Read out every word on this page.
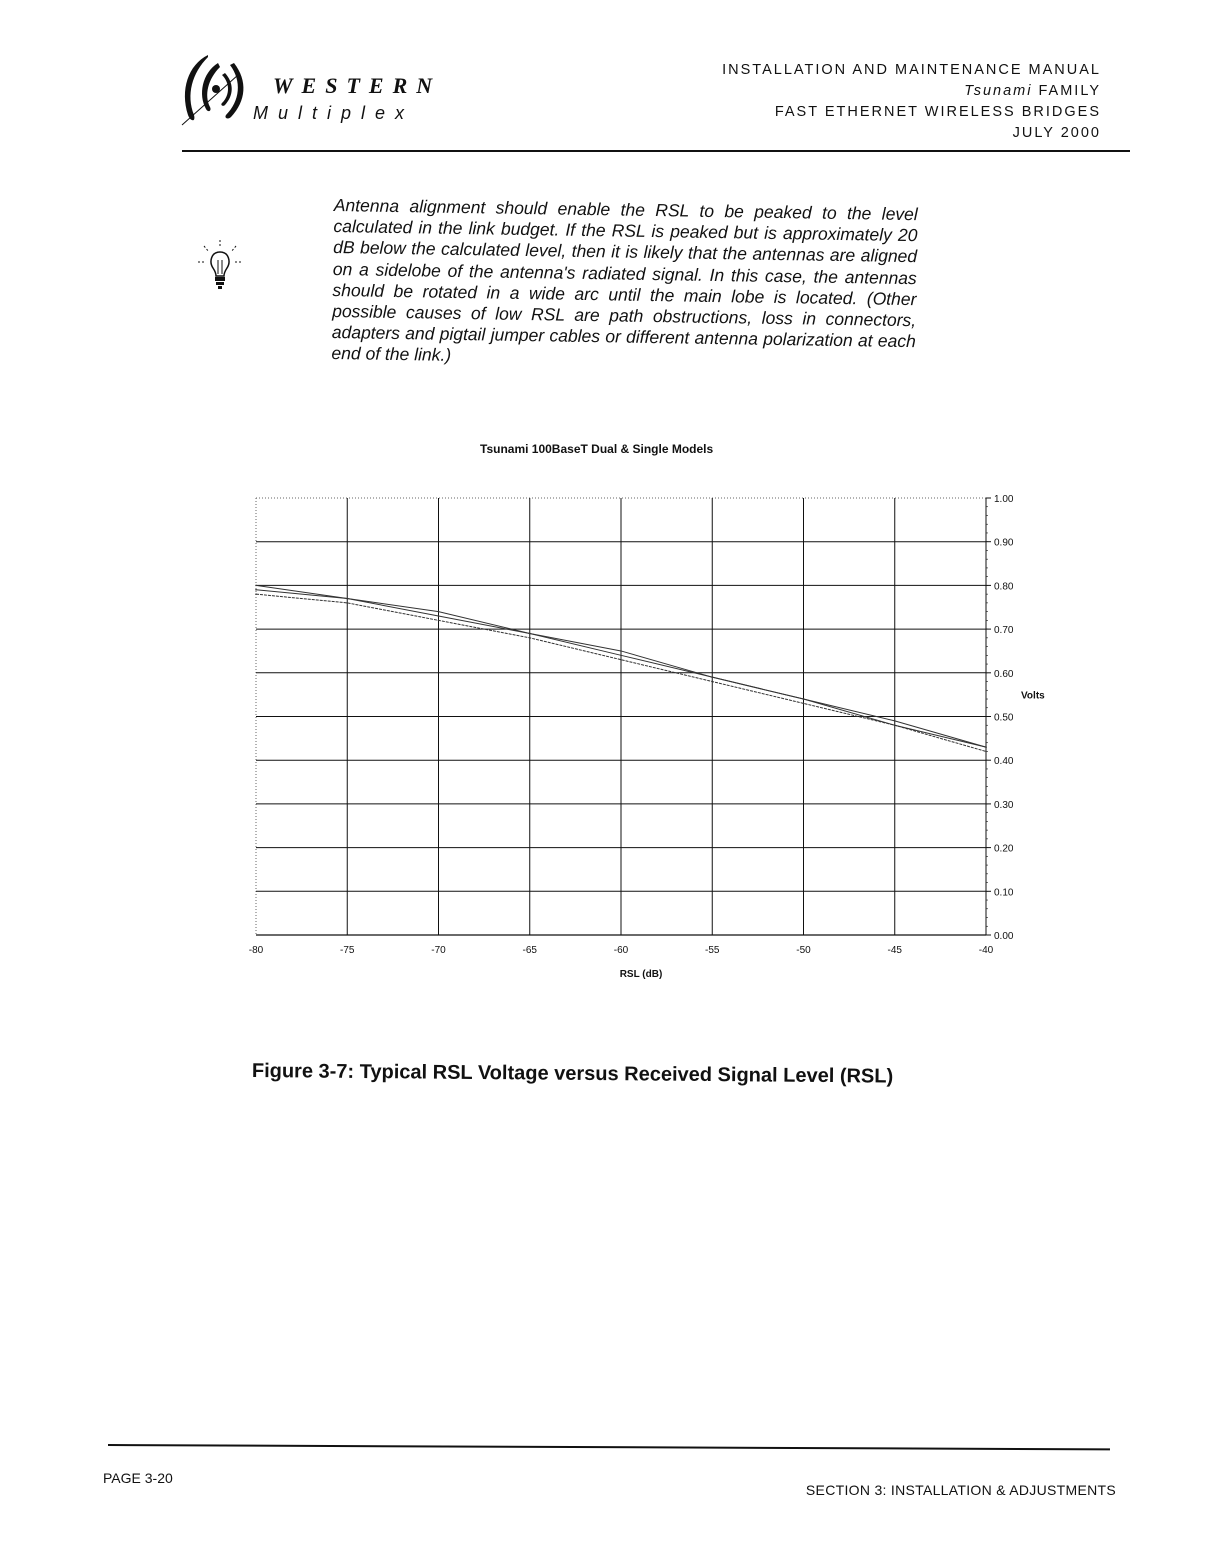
WESTERN
Multiplex
INSTALLATION AND MAINTENANCE MANUAL
Tsunami FAMILY
FAST ETHERNET WIRELESS BRIDGES
JULY 2000
Antenna alignment should enable the RSL to be peaked to the level calculated in the link budget. If the RSL is peaked but is approximately 20 dB below the calculated level, then it is likely that the antennas are aligned on a sidelobe of the antenna's radiated signal. In this case, the antennas should be rotated in a wide arc until the main lobe is located. (Other possible causes of low RSL are path obstructions, loss in connectors, adapters and pigtail jumper cables or different antenna polarization at each end of the link.)
Tsunami 100BaseT Dual & Single Models
0.00
0.10
0.20
0.30
0.40
0.50
0.60
0.70
0.80
0.90
1.00
Volts
-80	-75	-70	-65	-60	-55	-50	-45	-40
RSL (dB)
Figure 3-7: Typical RSL Voltage versus Received Signal Level (RSL)
PAGE 3-20
SECTION 3: INSTALLATION & ADJUSTMENTS
